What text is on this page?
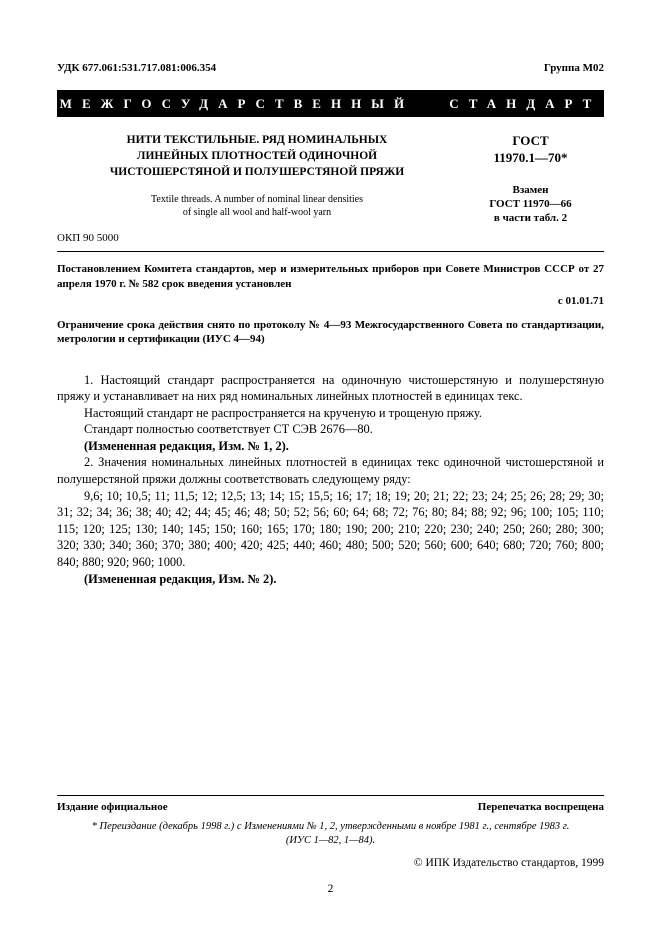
УДК 677.061:531.717.081:006.354	Группа М02
МЕЖГОСУДАРСТВЕННЫЙ СТАНДАРТ
НИТИ ТЕКСТИЛЬНЫЕ. РЯД НОМИНАЛЬНЫХ
ЛИНЕЙНЫХ ПЛОТНОСТЕЙ ОДИНОЧНОЙ
ЧИСТОШЕРСТЯНОЙ И ПОЛУШЕРСТЯНОЙ ПРЯЖИ
Textile threads. A number of nominal linear densities
of single all wool and half-wool yarn
ОКП 90 5000
ГОСТ
11970.1—70*
Взамен
ГОСТ 11970—66
в части табл. 2

Постановлением Комитета стандартов, мер и измерительных приборов при Совете Министров СССР от 27 апреля 1970 г. № 582 срок введения установлен

с 01.01.71

Ограничение срока действия снято по протоколу № 4—93 Межгосударственного Совета по стандартизации, метрологии и сертификации (ИУС 4—94)

1. Настоящий стандарт распространяется на одиночную чистошерстяную и полушерстяную пряжу и устанавливает на них ряд номинальных линейных плотностей в единицах текс.

Настоящий стандарт не распространяется на крученую и трощеную пряжу.

Стандарт полностью соответствует СТ СЭВ 2676—80.

(Измененная редакция, Изм. № 1, 2).

2. Значения номинальных линейных плотностей в единицах текс одиночной чистошерстяной и полушерстяной пряжи должны соответствовать следующему ряду:

9,6; 10; 10,5; 11; 11,5; 12; 12,5; 13; 14; 15; 15,5; 16; 17; 18; 19; 20; 21; 22; 23; 24; 25; 26; 28; 29; 30; 31; 32; 34; 36; 38; 40; 42; 44; 45; 46; 48; 50; 52; 56; 60; 64; 68; 72; 76; 80; 84; 88; 92; 96; 100; 105; 110; 115; 120; 125; 130; 140; 145; 150; 160; 165; 170; 180; 190; 200; 210; 220; 230; 240; 250; 260; 280; 300; 320; 330; 340; 360; 370; 380; 400; 420; 425; 440; 460; 480; 500; 520; 560; 600; 640; 680; 720; 760; 800; 840; 880; 920; 960; 1000.

(Измененная редакция, Изм. № 2).

Издание официальное	Перепечатка воспрещена
* Переиздание (декабрь 1998 г.) с Изменениями № 1, 2, утвержденными в ноябре 1981 г., сентябре 1983 г.
(ИУС 1—82, 1—84).
© ИПК Издательство стандартов, 1999
2
